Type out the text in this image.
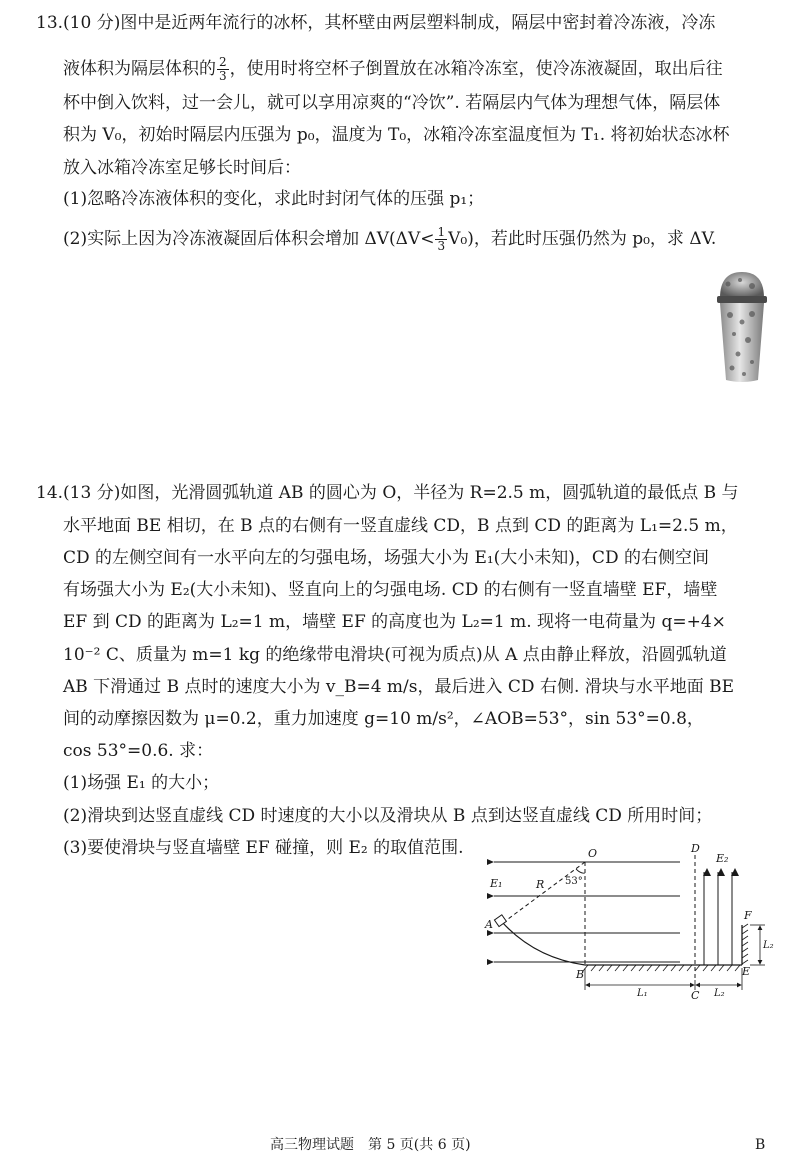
13.(10 分)图中是近两年流行的冰杯，其杯壁由两层塑料制成，隔层中密封着冷冻液，冷冻
液体积为隔层体积的 $\frac{2}{3}$ ，使用时将空杯子倒置放在冰箱冷冻室，使冷冻液凝固，取出后往
杯中倒入饮料，过一会儿，就可以享用凉爽的“冷饮”. 若隔层内气体为理想气体，隔层体
积为 V₀，初始时隔层内压强为 p₀，温度为 T₀，冰箱冷冻室温度恒为 T₁. 将初始状态冰杯
放入冰箱冷冻室足够长时间后：
(1)忽略冷冻液体积的变化，求此时封闭气体的压强 p₁；
(2)实际上因为冷冻液凝固后体积会增加 $\Delta V(\Delta V< \frac{1}{3} V_0)$，若此时压强仍然为 p₀，求 ΔV.
14.(13 分)如图，光滑圆弧轨道 AB 的圆心为 O，半径为 R=2.5 m，圆弧轨道的最低点 B 与
水平地面 BE 相切，在 B 点的右侧有一竖直虚线 CD，B 点到 CD 的距离为 L₁=2.5 m，
CD 的左侧空间有一水平向左的匀强电场，场强大小为 E₁(大小未知)，CD 的右侧空间
有场强大小为 E₂(大小未知)、竖直向上的匀强电场. CD 的右侧有一竖直墙壁 EF，墙壁
EF 到 CD 的距离为 L₂=1 m，墙壁 EF 的高度也为 L₂=1 m. 现将一电荷量为 q=+4×
10⁻² C、质量为 m=1 kg 的绝缘带电滑块(可视为质点)从 A 点由静止释放，沿圆弧轨道
AB 下滑通过 B 点时的速度大小为 v_B=4 m/s，最后进入 CD 右侧. 滑块与水平地面 BE
间的动摩擦因数为 μ=0.2，重力加速度 g=10 m/s²，∠AOB=53°，sin 53°=0.8，
cos 53°=0.6. 求：
(1)场强 E₁ 的大小；
(2)滑块到达竖直虚线 CD 时速度的大小以及滑块从 B 点到达竖直虚线 CD 所用时间；
(3)要使滑块与竖直墙壁 EF 碰撞，则 E₂ 的取值范围.	O	D
E₂
E₁	R 53°
A
F
L₂
B	E
L₁	C L₂
高三物理试题　第 5 页(共 6 页)	B
